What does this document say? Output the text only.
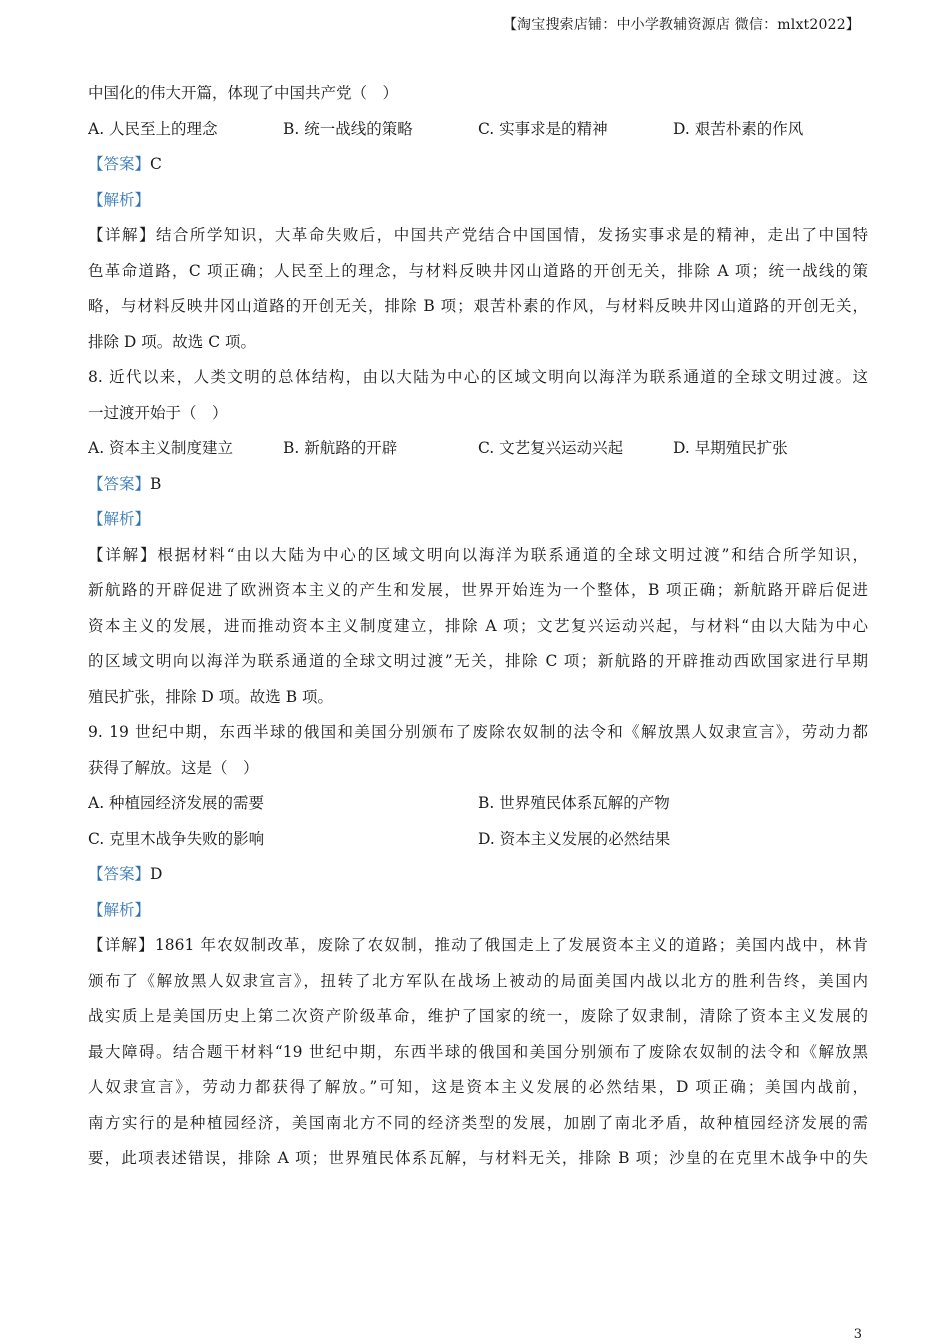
【淘宝搜索店铺：中小学教辅资源店 微信：mlxt2022】
中国化的伟大开篇，体现了中国共产党（　）
A. 人民至上的理念	B. 统一战线的策略	C. 实事求是的精神	D. 艰苦朴素的作风
【答案】C
【解析】
【详解】结合所学知识，大革命失败后，中国共产党结合中国国情，发扬实事求是的精神，走出了中国特
色革命道路，C 项正确；人民至上的理念，与材料反映井冈山道路的开创无关，排除 A 项；统一战线的策
略，与材料反映井冈山道路的开创无关，排除 B 项；艰苦朴素的作风，与材料反映井冈山道路的开创无关，
排除 D 项。故选 C 项。
8. 近代以来，人类文明的总体结构，由以大陆为中心的区域文明向以海洋为联系通道的全球文明过渡。这
一过渡开始于（　）
A. 资本主义制度建立	B. 新航路的开辟	C. 文艺复兴运动兴起	D. 早期殖民扩张
【答案】B
【解析】
【详解】根据材料“由以大陆为中心的区域文明向以海洋为联系通道的全球文明过渡”和结合所学知识，
新航路的开辟促进了欧洲资本主义的产生和发展，世界开始连为一个整体，B 项正确；新航路开辟后促进
资本主义的发展，进而推动资本主义制度建立，排除 A 项；文艺复兴运动兴起，与材料“由以大陆为中心
的区域文明向以海洋为联系通道的全球文明过渡”无关，排除 C 项；新航路的开辟推动西欧国家进行早期
殖民扩张，排除 D 项。故选 B 项。
9. 19 世纪中期，东西半球的俄国和美国分别颁布了废除农奴制的法令和《解放黑人奴隶宣言》，劳动力都
获得了解放。这是（　）
A. 种植园经济发展的需要	B. 世界殖民体系瓦解的产物
C. 克里木战争失败的影响	D. 资本主义发展的必然结果
【答案】D
【解析】
【详解】1861 年农奴制改革，废除了农奴制，推动了俄国走上了发展资本主义的道路；美国内战中，林肯
颁布了《解放黑人奴隶宣言》，扭转了北方军队在战场上被动的局面美国内战以北方的胜利告终，美国内
战实质上是美国历史上第二次资产阶级革命，维护了国家的统一，废除了奴隶制，清除了资本主义发展的
最大障碍。结合题干材料“19 世纪中期，东西半球的俄国和美国分别颁布了废除农奴制的法令和《解放黑
人奴隶宣言》，劳动力都获得了解放。”可知，这是资本主义发展的必然结果，D 项正确；美国内战前，
南方实行的是种植园经济，美国南北方不同的经济类型的发展，加剧了南北矛盾，故种植园经济发展的需
要，此项表述错误，排除 A 项；世界殖民体系瓦解，与材料无关，排除 B 项；沙皇的在克里木战争中的失
3
